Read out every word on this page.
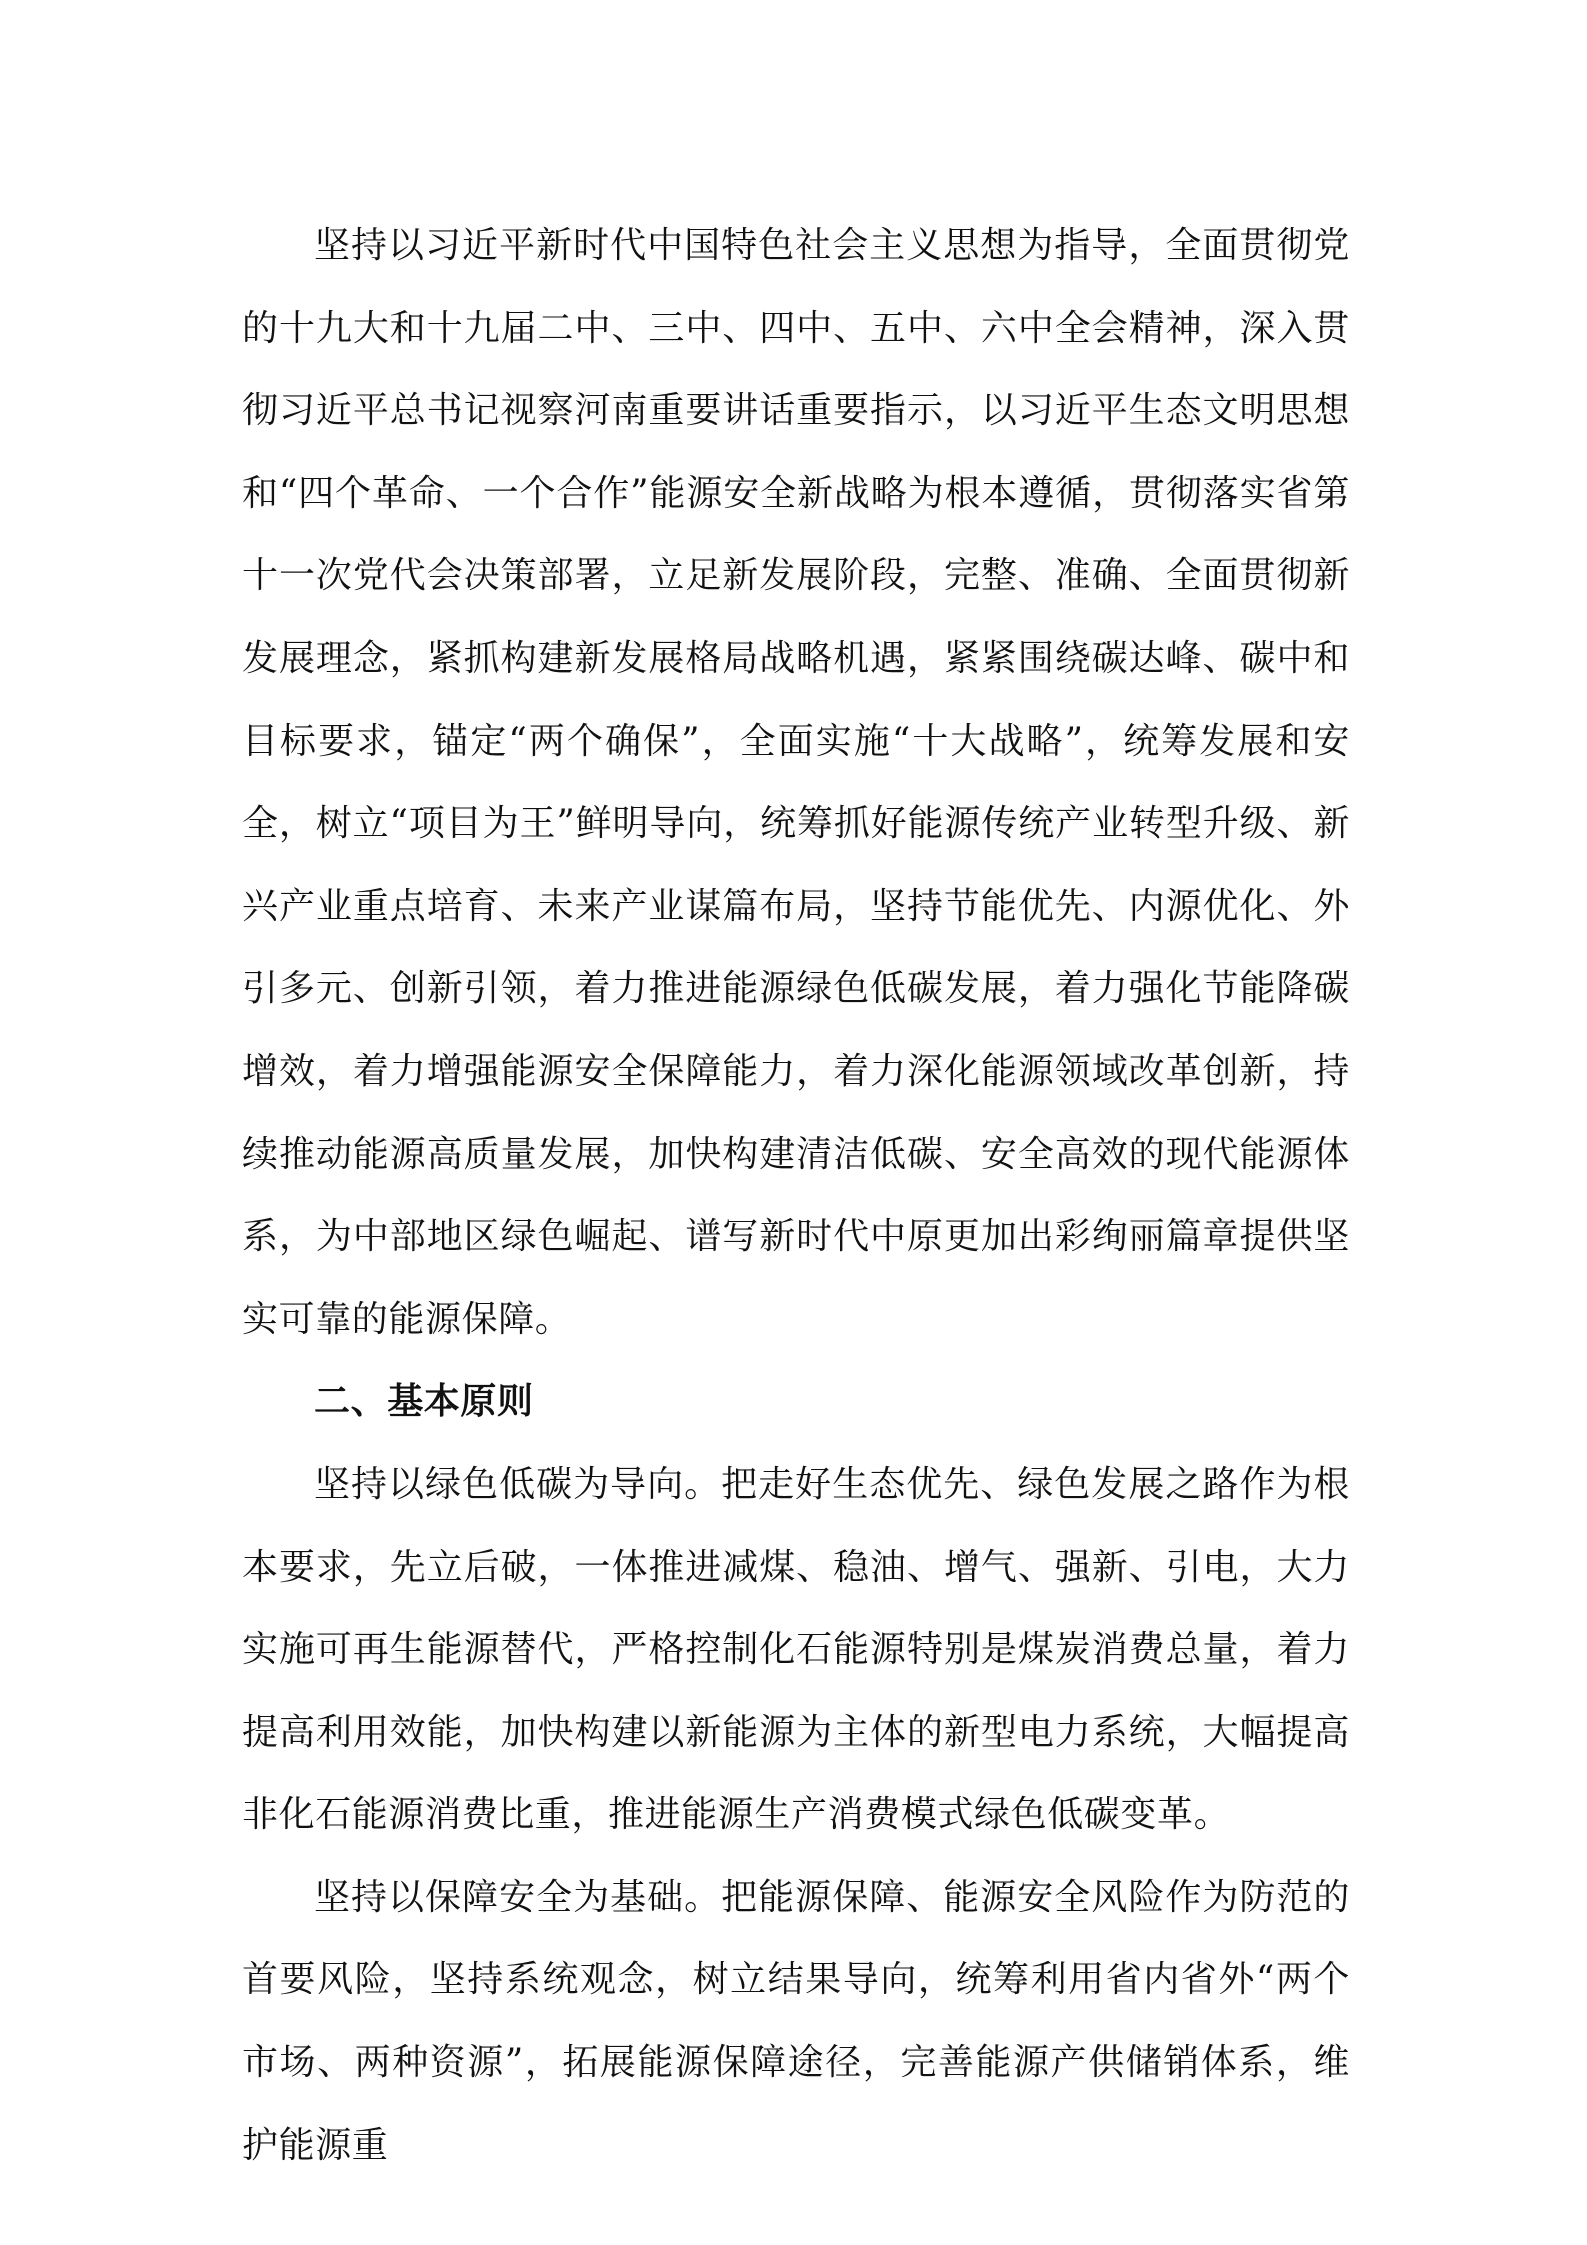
坚持以习近平新时代中国特色社会主义思想为指导，全面贯彻党的十九大和十九届二中、三中、四中、五中、六中全会精神，深入贯彻习近平总书记视察河南重要讲话重要指示，以习近平生态文明思想和“四个革命、一个合作”能源安全新战略为根本遵循，贯彻落实省第十一次党代会决策部署，立足新发展阶段，完整、准确、全面贯彻新发展理念，紧抓构建新发展格局战略机遇，紧紧围绕碳达峰、碳中和目标要求，锚定“两个确保”，全面实施“十大战略”，统筹发展和安全，树立“项目为王”鲜明导向，统筹抓好能源传统产业转型升级、新兴产业重点培育、未来产业谋篇布局，坚持节能优先、内源优化、外引多元、创新引领，着力推进能源绿色低碳发展，着力强化节能降碳增效，着力增强能源安全保障能力，着力深化能源领域改革创新，持续推动能源高质量发展，加快构建清洁低碳、安全高效的现代能源体系，为中部地区绿色崛起、谱写新时代中原更加出彩绚丽篇章提供坚实可靠的能源保障。

二、基本原则

坚持以绿色低碳为导向。把走好生态优先、绿色发展之路作为根本要求，先立后破，一体推进减煤、稳油、增气、强新、引电，大力实施可再生能源替代，严格控制化石能源特别是煤炭消费总量，着力提高利用效能，加快构建以新能源为主体的新型电力系统，大幅提高非化石能源消费比重，推进能源生产消费模式绿色低碳变革。

坚持以保障安全为基础。把能源保障、能源安全风险作为防范的首要风险，坚持系统观念，树立结果导向，统筹利用省内省外“两个市场、两种资源”，拓展能源保障途径，完善能源产供储销体系，维护能源重
